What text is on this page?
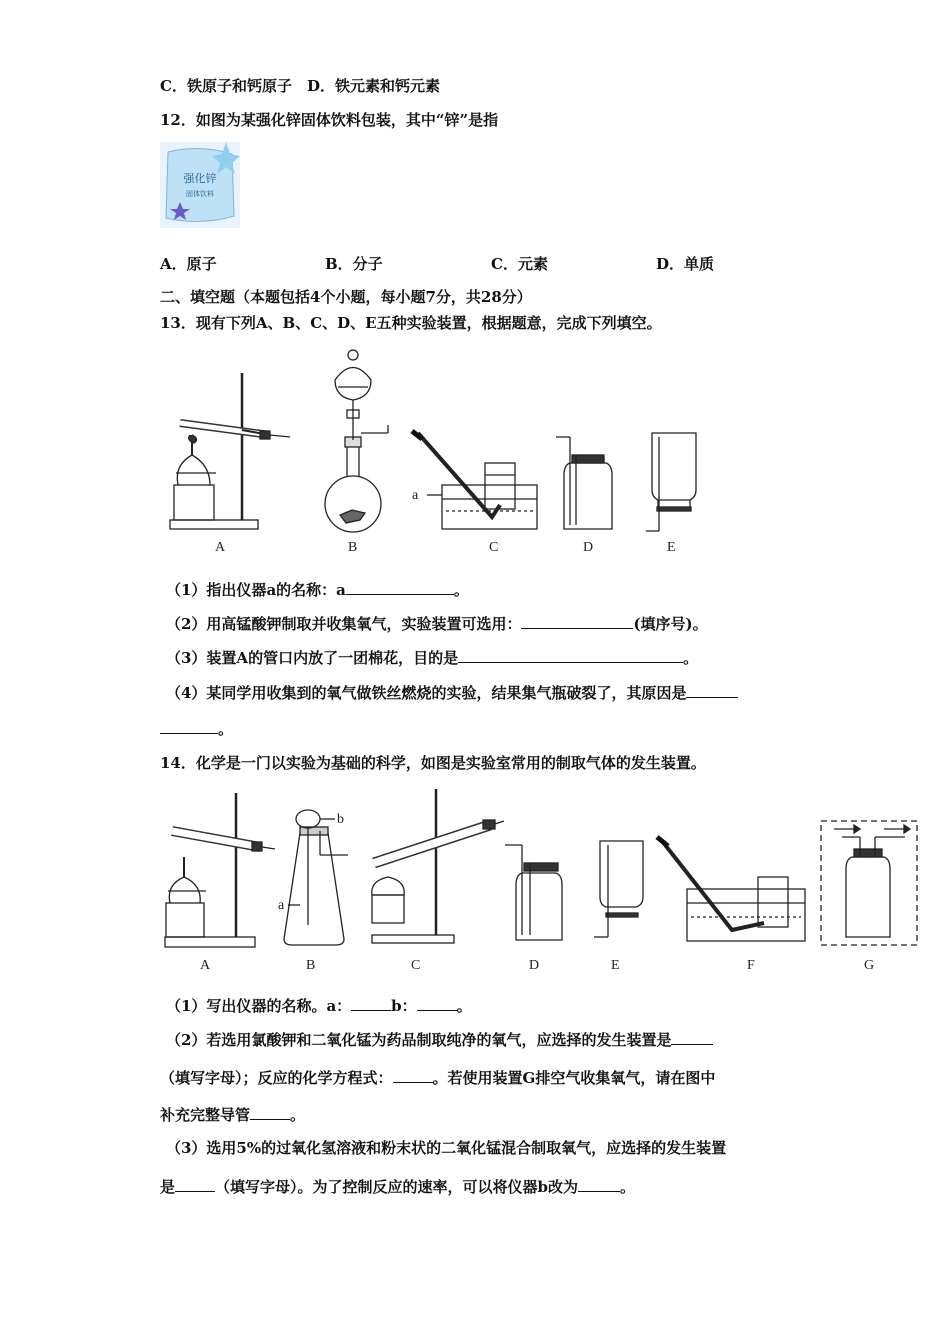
C．铁原子和钙原子　D．铁元素和钙元素
12．如图为某强化锌固体饮料包装，其中“锌”是指
强化锌
固体饮料
A．原子	B．分子	C．元素	D．单质
二、填空题（本题包括4个小题，每小题7分，共28分）
13．现有下列A、B、C、D、E五种实验装置，根据题意，完成下列填空。
A	B
a
C	D	E
（1）指出仪器a的名称：a	。
（2）用高锰酸钾制取并收集氧气，实验装置可选用：	(填序号)。
（3）装置A的管口内放了一团棉花，目的是	。
（4）某同学用收集到的氧气做铁丝燃烧的实验，结果集气瓶破裂了，其原因是
。
14．化学是一门以实验为基础的科学，如图是实验室常用的制取气体的发生装置。
A
a
b
B	C	D	E	F	G
（1）写出仪器的名称。a：	b：	。
（2）若选用氯酸钾和二氧化锰为药品制取纯净的氧气，应选择的发生装置是
（填写字母）；反应的化学方程式：	。若使用装置G排空气收集氧气，请在图中
补充完整导管	。
（3）选用5%的过氧化氢溶液和粉末状的二氧化锰混合制取氧气，应选择的发生装置
是	（填写字母）。为了控制反应的速率，可以将仪器b改为	。
